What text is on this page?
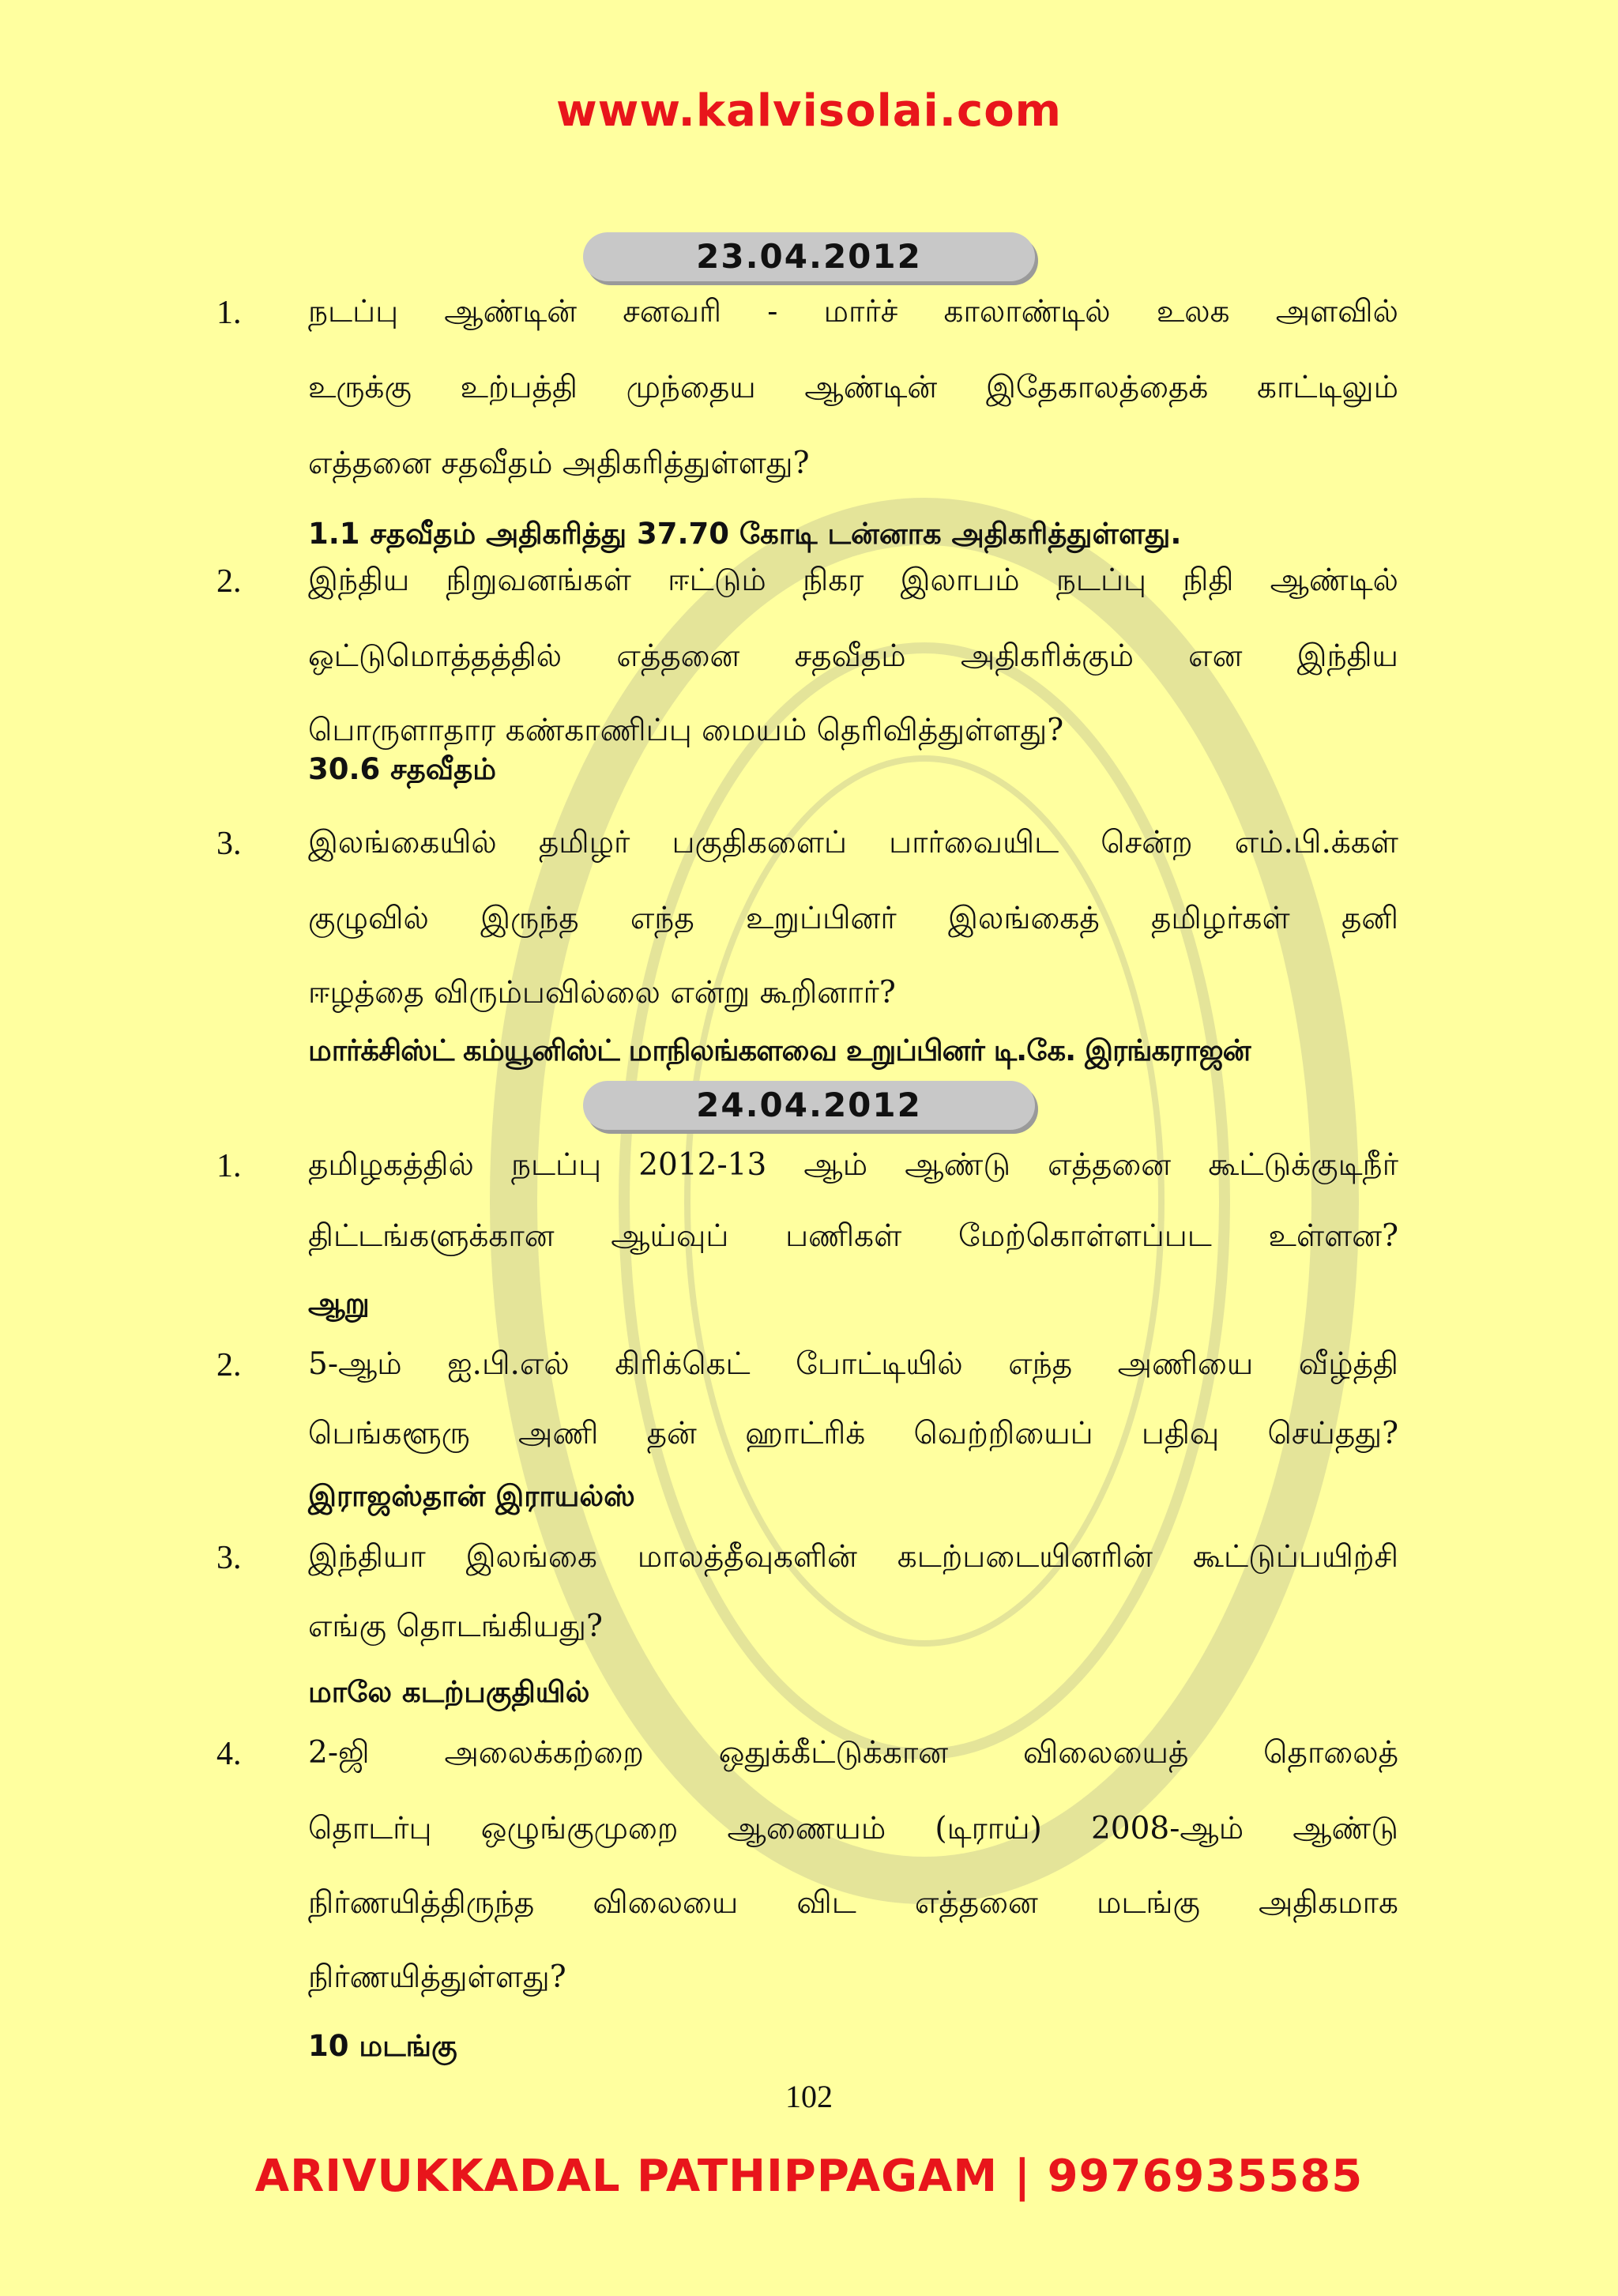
www.kalvisolai.com
23.04.2012
1. நடப்பு ஆண்டின் சனவரி - மார்ச் காலாண்டில் உலக அளவில்
உருக்கு உற்பத்தி முந்தைய ஆண்டின் இதேகாலத்தைக் காட்டிலும்
எத்தனை சதவீதம் அதிகரித்துள்ளது?
1.1 சதவீதம் அதிகரித்து 37.70 கோடி டன்னாக அதிகரித்துள்ளது.
2. இந்திய நிறுவனங்கள் ஈட்டும் நிகர இலாபம் நடப்பு நிதி ஆண்டில்
ஒட்டுமொத்தத்தில் எத்தனை சதவீதம் அதிகரிக்கும் என இந்திய
பொருளாதார கண்காணிப்பு மையம் தெரிவித்துள்ளது?
30.6 சதவீதம்
3. இலங்கையில் தமிழர் பகுதிகளைப் பார்வையிட சென்ற எம்.பி.க்கள்
குழுவில் இருந்த எந்த உறுப்பினர் இலங்கைத் தமிழர்கள் தனி
ஈழத்தை விரும்பவில்லை என்று கூறினார்?
மார்க்சிஸ்ட் கம்யூனிஸ்ட் மாநிலங்களவை உறுப்பினர் டி.கே. இரங்கராஜன்
24.04.2012
1. தமிழகத்தில் நடப்பு 2012-13 ஆம் ஆண்டு எத்தனை கூட்டுக்குடிநீர்
திட்டங்களுக்கான ஆய்வுப் பணிகள் மேற்கொள்ளப்பட உள்ளன?
ஆறு
2. 5-ஆம் ஐ.பி.எல் கிரிக்கெட் போட்டியில் எந்த அணியை வீழ்த்தி
பெங்களூரு அணி தன் ஹாட்ரிக் வெற்றியைப் பதிவு செய்தது?
இராஜஸ்தான் இராயல்ஸ்
3. இந்தியா இலங்கை மாலத்தீவுகளின் கடற்படையினரின் கூட்டுப்பயிற்சி
எங்கு தொடங்கியது?
மாலே கடற்பகுதியில்
4. 2-ஜி அலைக்கற்றை ஒதுக்கீட்டுக்கான விலையைத் தொலைத்
தொடர்பு ஒழுங்குமுறை ஆணையம் (டிராய்) 2008-ஆம் ஆண்டு
நிர்ணயித்திருந்த விலையை விட எத்தனை மடங்கு அதிகமாக
நிர்ணயித்துள்ளது?
10 மடங்கு
102
ARIVUKKADAL PATHIPPAGAM | 9976935585
